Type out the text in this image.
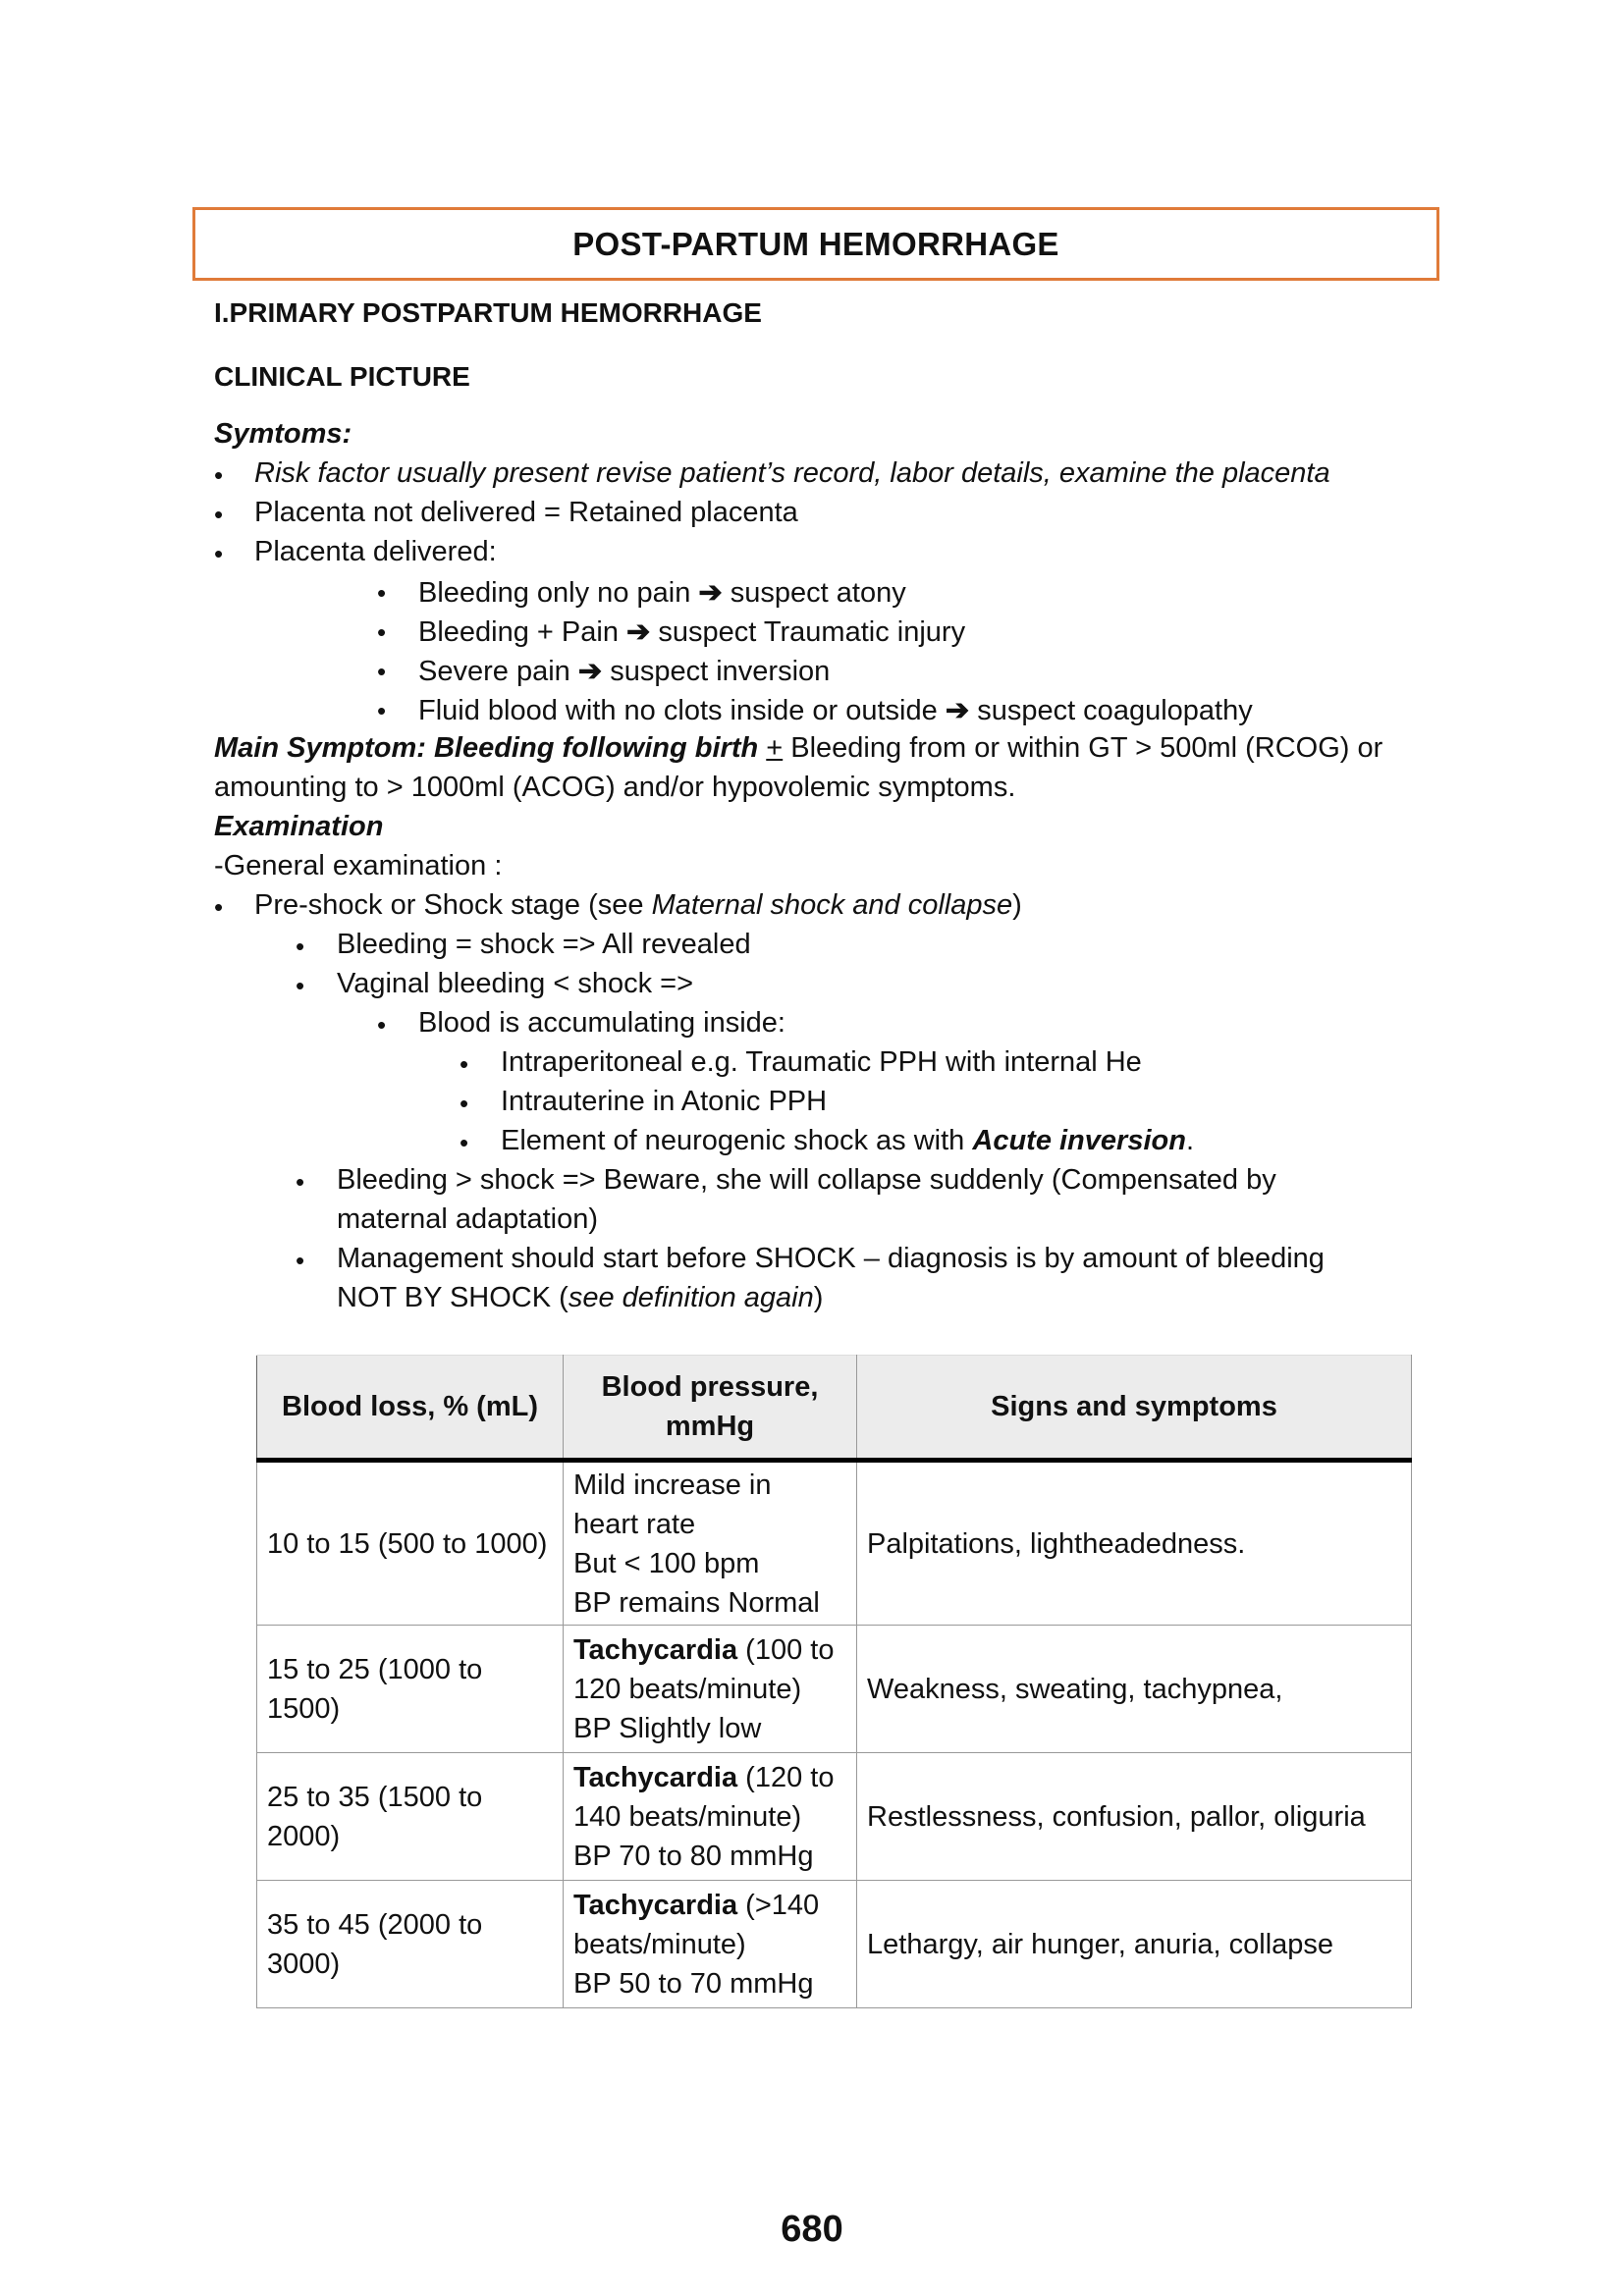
POST-PARTUM HEMORRHAGE
I.PRIMARY POSTPARTUM HEMORRHAGE
CLINICAL PICTURE
Symtoms:
• Risk factor usually present revise patient’s record, labor details, examine the placenta
• Placenta not delivered = Retained placenta
• Placenta delivered:
• Bleeding only no pain ➔ suspect atony
• Bleeding + Pain ➔ suspect Traumatic injury
• Severe pain ➔ suspect inversion
• Fluid blood with no clots inside or outside ➔ suspect coagulopathy
Main Symptom: Bleeding following birth + Bleeding from or within GT > 500ml (RCOG) or
amounting to > 1000ml (ACOG) and/or hypovolemic symptoms.
Examination
-General examination :
• Pre-shock or Shock stage (see Maternal shock and collapse)
• Bleeding = shock => All revealed
• Vaginal bleeding < shock =>
• Blood is accumulating inside:
• Intraperitoneal e.g. Traumatic PPH with internal He
• Intrauterine in Atonic PPH
• Element of neurogenic shock as with Acute inversion.
• Bleeding > shock => Beware, she will collapse suddenly (Compensated by
maternal adaptation)
• Management should start before SHOCK – diagnosis is by amount of bleeding
NOT BY SHOCK (see definition again)
Blood loss, % (mL)	Blood pressure, mmHg	Signs and symptoms
10 to 15 (500 to 1000)	Mild increase in
heart rate
But < 100 bpm
BP remains Normal	Palpitations, lightheadedness.
15 to 25 (1000 to 1500)	Tachycardia (100 to
120 beats/minute)
BP Slightly low	Weakness, sweating, tachypnea,
25 to 35 (1500 to 2000)	Tachycardia (120 to
140 beats/minute)
BP 70 to 80 mmHg	Restlessness, confusion, pallor, oliguria
35 to 45 (2000 to 3000)	Tachycardia (>140
beats/minute)
BP 50 to 70 mmHg	Lethargy, air hunger, anuria, collapse
680
